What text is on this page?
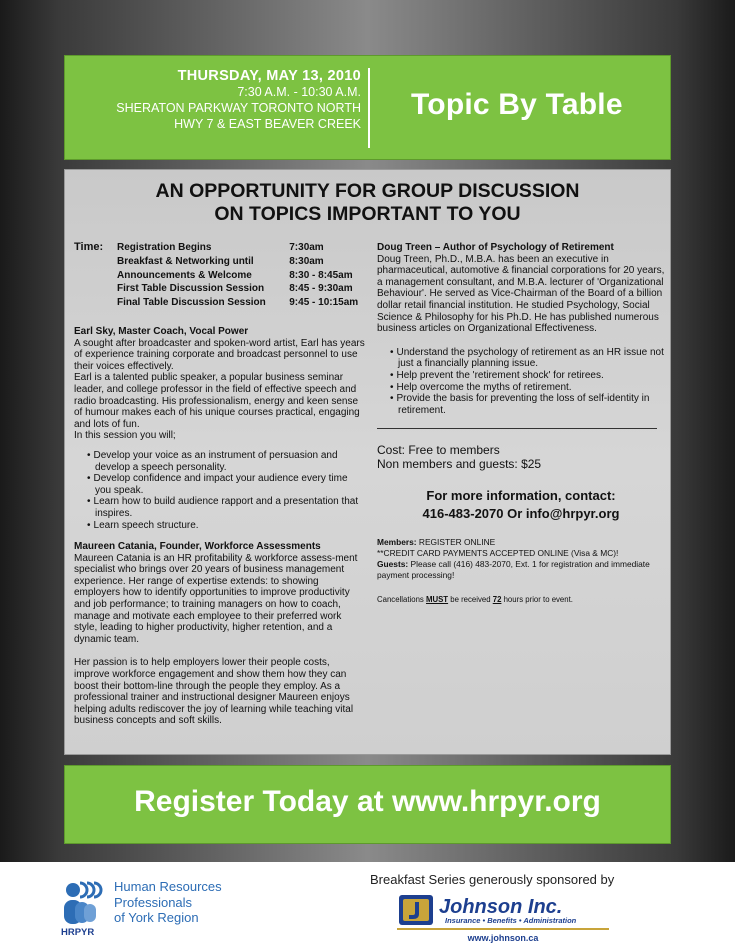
THURSDAY, MAY 13, 2010
7:30 A.M. - 10:30 A.M.
SHERATON PARKWAY TORONTO NORTH
HWY 7 & EAST BEAVER CREEK
Topic By Table
AN OPPORTUNITY FOR GROUP DISCUSSION
ON TOPICS IMPORTANT TO YOU
Time: Registration Begins	7:30am
Breakfast & Networking until	8:30am
Announcements & Welcome	8:30 - 8:45am
First Table Discussion Session	8:45 - 9:30am
Final Table Discussion Session	9:45 - 10:15am
Earl Sky, Master Coach, Vocal Power
A sought after broadcaster and spoken-word artist, Earl has years of experience training corporate and broadcast personnel to use their voices effectively.
Earl is a talented public speaker, a popular business seminar leader, and college professor in the field of effective speech and radio broadcasting. His professionalism, energy and keen sense of humour makes each of his unique courses practical, engaging and lots of fun.
In this session you will;
• Develop your voice as an instrument of persuasion and develop a speech personality.
• Develop confidence and impact your audience every time you speak.
• Learn how to build audience rapport and a presentation that inspires.
• Learn speech structure.
Maureen Catania, Founder, Workforce Assessments
Maureen Catania is an HR profitability & workforce assess-ment specialist who brings over 20 years of business management experience. Her range of expertise extends: to showing employers how to identify opportunities to improve productivity and job performance; to training managers on how to coach, manage and motivate each employee to their preferred work style, leading to higher productivity, higher retention, and a dynamic team.
Her passion is to help employers lower their people costs, improve workforce engagement and show them how they can boost their bottom-line through the people they employ. As a professional trainer and instructional designer Maureen enjoys helping adults rediscover the joy of learning while teaching vital business concepts and soft skills.
Doug Treen – Author of Psychology of Retirement
Doug Treen, Ph.D., M.B.A. has been an executive in pharmaceutical, automotive & financial corporations for 20 years, a management consultant, and M.B.A. lecturer of 'Organizational Behaviour'. He served as Vice-Chairman of the Board of a billion dollar retail financial institution. He studied Psychology, Social Science & Philosophy for his Ph.D. He has published numerous business articles on Organizational Effectiveness.
• Understand the psychology of retirement as an HR issue not just a financially planning issue.
• Help prevent the 'retirement shock' for retirees.
• Help overcome the myths of retirement.
• Provide the basis for preventing the loss of self-identity in retirement.
Cost: Free to members
Non members and guests: $25
For more information, contact:
416-483-2070 Or info@hrpyr.org
Members: REGISTER ONLINE
**CREDIT CARD PAYMENTS ACCEPTED ONLINE (Visa & MC)!
Guests: Please call (416) 483-2070, Ext. 1 for registration and immediate payment processing!
Cancellations MUST be received 72 hours prior to event.
Register Today at www.hrpyr.org
HRPYR
Human Resources
Professionals
of York Region
Breakfast Series generously sponsored by
Johnson Inc.
Insurance • Benefits • Administration
www.johnson.ca
